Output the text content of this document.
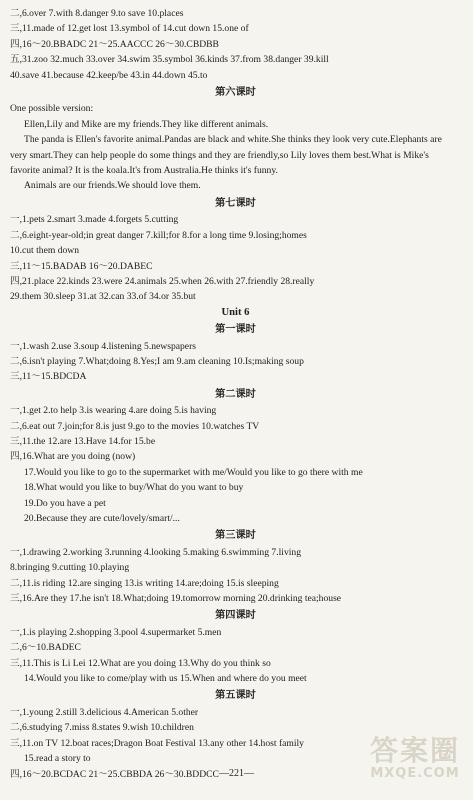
二,6.over 7.with 8.danger 9.to save 10.places
三,11.made of 12.get lost 13.symbol of 14.cut down 15.one of
四,16～20.BBADC 21～25.AACCC 26～30.CBDBB
五,31.zoo 32.much 33.over 34.swim 35.symbol 36.kinds 37.from 38.danger 39.kill
40.save 41.because 42.keep/be 43.in 44.down 45.to
第六课时
One possible version:
Ellen,Lily and Mike are my friends.They like different animals.
The panda is Ellen's favorite animal.Pandas are black and white.She thinks they look very cute.Elephants are very smart.They can help people do some things and they are friendly,so Lily loves them best.What is Mike's favorite animal? It is the koala.It's from Australia.He thinks it's funny.
Animals are our friends.We should love them.
第七课时
一,1.pets 2.smart 3.made 4.forgets 5.cutting
二,6.eight-year-old;in great danger 7.kill;for 8.for a long time 9.losing;homes
10.cut them down
三,11～15.BADAB 16～20.DABEC
四,21.place 22.kinds 23.were 24.animals 25.when 26.with 27.friendly 28.really
29.them 30.sleep 31.at 32.can 33.of 34.or 35.but
Unit 6
第一课时
一,1.wash 2.use 3.soup 4.listening 5.newspapers
二,6.isn't playing 7.What;doing 8.Yes;I am 9.am cleaning 10.Is;making soup
三,11～15.BDCDA
第二课时
一,1.get 2.to help 3.is wearing 4.are doing 5.is having
二,6.eat out 7.join;for 8.is just 9.go to the movies 10.watches TV
三,11.the 12.are 13.Have 14.for 15.be
四,16.What are you doing (now)
17.Would you like to go to the supermarket with me/Would you like to go there with me
18.What would you like to buy/What do you want to buy
19.Do you have a pet
20.Because they are cute/lovely/smart/...
第三课时
一,1.drawing 2.working 3.running 4.looking 5.making 6.swimming 7.living
8.bringing 9.cutting 10.playing
二,11.is riding 12.are singing 13.is writing 14.are;doing 15.is sleeping
三,16.Are they 17.he isn't 18.What;doing 19.tomorrow morning 20.drinking tea;house
第四课时
一,1.is playing 2.shopping 3.pool 4.supermarket 5.men
二,6～10.BADEC
三,11.This is Li Lei 12.What are you doing 13.Why do you think so
14.Would you like to come/play with us 15.When and where do you meet
第五课时
一,1.young 2.still 3.delicious 4.American 5.other
二,6.studying 7.miss 8.states 9.wish 10.children
三,11.on TV 12.boat races;Dragon Boat Festival 13.any other 14.host family
15.read a story to
四,16～20.BCDAC 21～25.CBBDA 26～30.BDDCC —221—
答案圈
MXQE.COM
